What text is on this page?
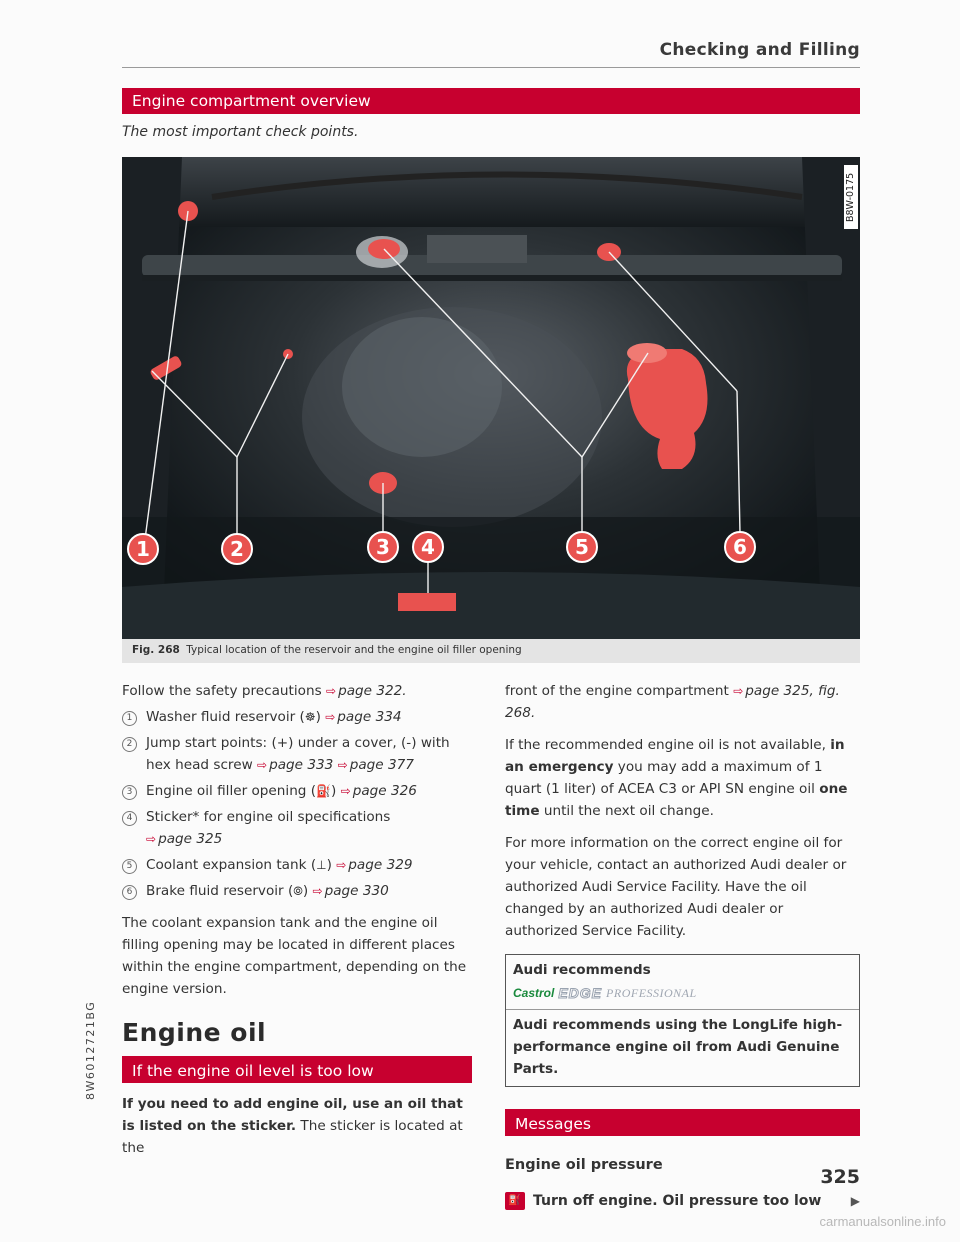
Checking and Filling
Engine compartment overview
The most important check points.
1	2	3 4	5	6
B8W-0175
Fig. 268 Typical location of the reservoir and the engine oil filler opening
Follow the safety precautions ⇨ page 322.
1	Washer fluid reservoir (☸) ⇨ page 334
2	Jump start points: (+) under a cover, (-) with hex head screw ⇨ page 333 ⇨ page 377
3	Engine oil filler opening (⛽) ⇨ page 326
4	Sticker* for engine oil specifications
⇨ page 325
5	Coolant expansion tank (⊥) ⇨ page 329
6	Brake fluid reservoir (⦾) ⇨ page 330

The coolant expansion tank and the engine oil filling opening may be located in different places within the engine compartment, depending on the engine version.

Engine oil
If the engine oil level is too low

If you need to add engine oil, use an oil that is listed on the sticker. The sticker is located at the

front of the engine compartment ⇨ page 325, fig. 268.

If the recommended engine oil is not available, in an emergency you may add a maximum of 1 quart (1 liter) of ACEA C3 or API SN engine oil one time until the next oil change.

For more information on the correct engine oil for your vehicle, contact an authorized Audi dealer or authorized Audi Service Facility. Have the oil changed by an authorized Audi dealer or authorized Service Facility.

Audi recommends
Castrol EDGE PROFESSIONAL
Audi recommends using the LongLife high-performance engine oil from Audi Genuine Parts.
Messages
Engine oil pressure
⛽ Turn off engine. Oil pressure too low ▶
325
8W6012721BG
carmanualsonline.info
